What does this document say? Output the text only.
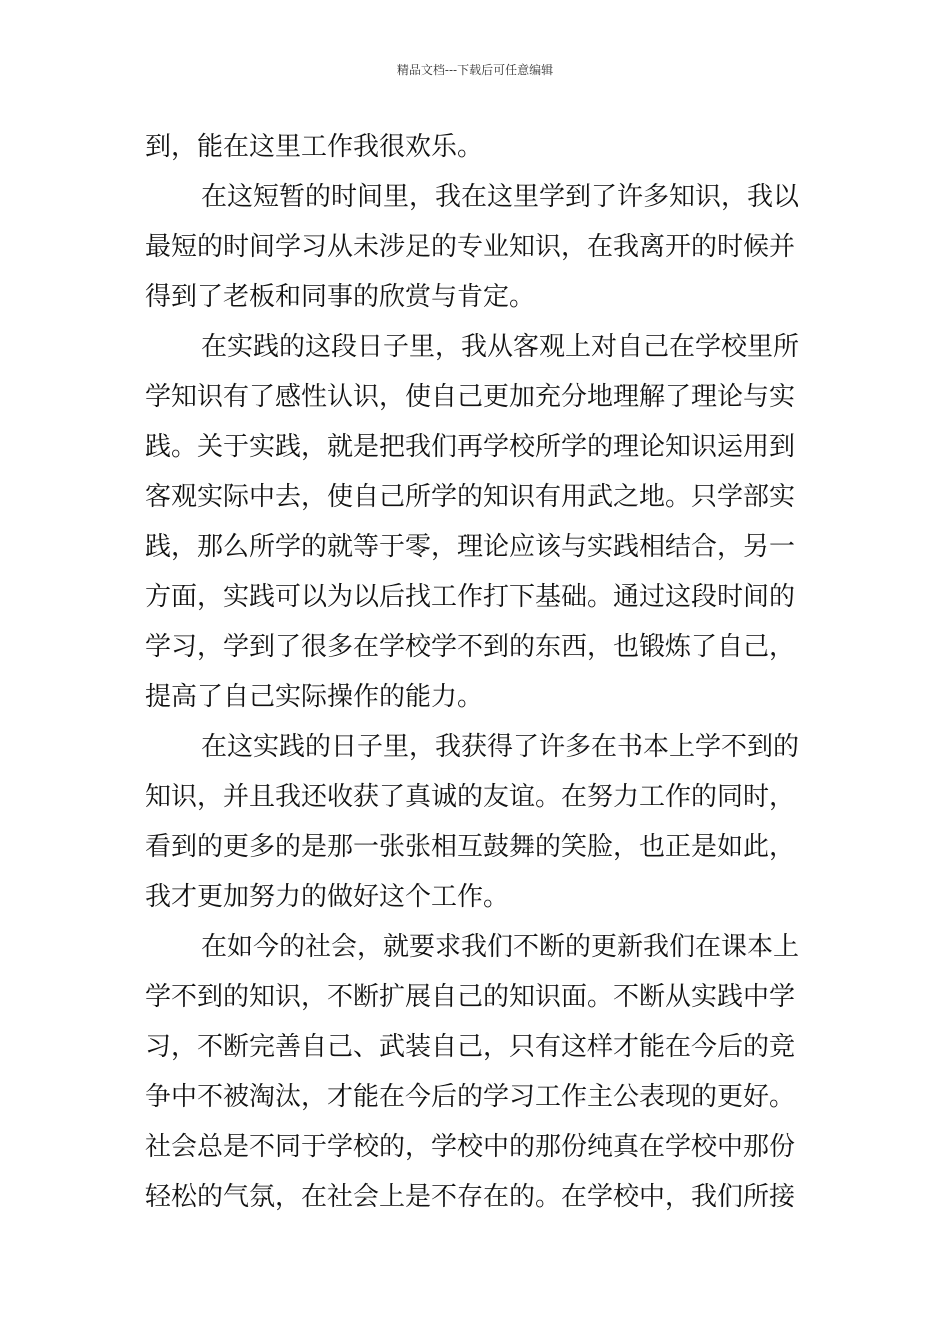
精品文档---下载后可任意编辑
到，能在这里工作我很欢乐。
在这短暂的时间里，我在这里学到了许多知识，我以
最短的时间学习从未涉足的专业知识，在我离开的时候并
得到了老板和同事的欣赏与肯定。
在实践的这段日子里，我从客观上对自己在学校里所
学知识有了感性认识，使自己更加充分地理解了理论与实
践。关于实践，就是把我们再学校所学的理论知识运用到
客观实际中去，使自己所学的知识有用武之地。只学部实
践，那么所学的就等于零，理论应该与实践相结合，另一
方面，实践可以为以后找工作打下基础。通过这段时间的
学习，学到了很多在学校学不到的东西，也锻炼了自己，
提高了自己实际操作的能力。
在这实践的日子里，我获得了许多在书本上学不到的
知识，并且我还收获了真诚的友谊。在努力工作的同时，
看到的更多的是那一张张相互鼓舞的笑脸，也正是如此，
我才更加努力的做好这个工作。
在如今的社会，就要求我们不断的更新我们在课本上
学不到的知识，不断扩展自己的知识面。不断从实践中学
习，不断完善自己、武装自己，只有这样才能在今后的竞
争中不被淘汰，才能在今后的学习工作主公表现的更好。
社会总是不同于学校的，学校中的那份纯真在学校中那份
轻松的气氛，在社会上是不存在的。在学校中，我们所接
